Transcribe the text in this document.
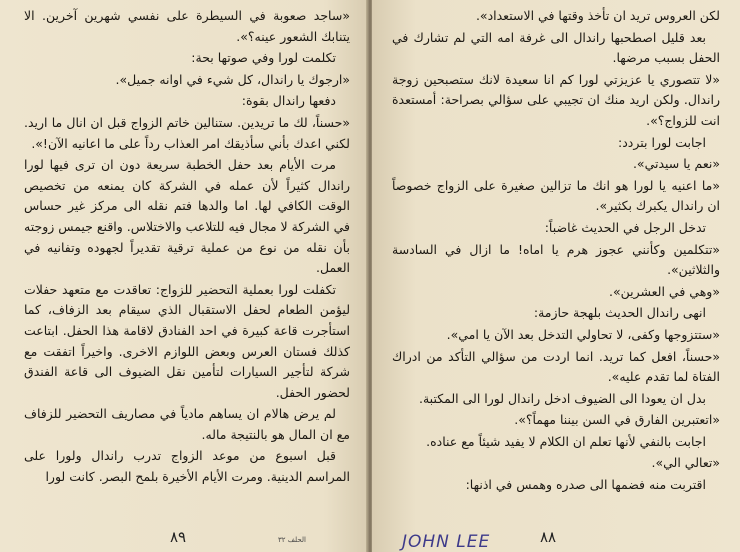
«ساجد صعوبة في السيطرة على نفسي شهرين آخرين. الا يتنابك الشعور عينه؟».

تكلمت لورا وفي صوتها بحة:

«ارجوك يا راندال، كل شيء في اوانه جميل».

دفعها راندال بقوة:

«حسناً، لك ما تريدين. ستنالين خاتم الزواج قبل ان انال ما اريد. لكني اعدك بأني سأذيقك امر العذاب رداً على ما اعانيه الآن!».

مرت الأيام بعد حفل الخطبة سريعة دون ان ترى فيها لورا راندال كثيراً لأن عمله في الشركة كان يمنعه من تخصيص الوقت الكافي لها. اما والدها فتم نقله الى مركز غير حساس في الشركة لا مجال فيه للتلاعب والاختلاس. واقنع جيمس زوجته بأن نقله من نوع من عملية ترقية تقديراً لجهوده وتفانيه في العمل.

تكفلت لورا بعملية التحضير للزواج: تعاقدت مع متعهد حفلات ليؤمن الطعام لحفل الاستقبال الذي سيقام بعد الزفاف، كما استأجرت قاعة كبيرة في احد الفنادق لاقامة هذا الحفل. ابتاعت كذلك فستان العرس وبعض اللوازم الاخرى. واخيراً اتفقت مع شركة لتأجير السيارات لتأمين نقل الضيوف الى قاعة الفندق لحضور الحفل.

لم يرض هالام ان يساهم مادياً في مصاريف التحضير للزفاف مع ان المال هو بالنتيجة ماله.

قبل اسبوع من موعد الزواج تدرب راندال ولورا على المراسم الدينية. ومرت الأيام الأخيرة بلمح البصر. كانت لورا

الحلف ٣٢
٨٩

لكن العروس تريد ان تأخذ وقتها في الاستعداد».

بعد قليل اصطحبها راندال الى غرفة امه التي لم تشارك في الحفل بسبب مرضها.

«لا تتصوري يا عزيزتي لورا كم انا سعيدة لانك ستصبحين زوجة راندال. ولكن اريد منك ان تجيبي على سؤالي بصراحة: أمستعدة انت للزواج؟».

اجابت لورا بتردد:

«نعم يا سيدتي».

«ما اعنيه يا لورا هو انك ما تزالين صغيرة على الزواج خصوصاً ان راندال يكبرك بكثير».

تدخل الرجل في الحديث غاضباً:

«تتكلمين وكأنني عجوز هرم يا اماه! ما ازال في السادسة والثلاثين».

«وهي في العشرين».

انهى راندال الحديث بلهجة حازمة:

«ستتزوجها وكفى، لا تحاولي التدخل بعد الآن يا امي».

«حسناً، افعل كما تريد. انما اردت من سؤالي التأكد من ادراك الفتاة لما تقدم عليه».

بدل ان يعودا الى الضيوف ادخل راندال لورا الى المكتبة.

«اتعتبرين الفارق في السن بيننا مهماً؟».

اجابت بالنفي لأنها تعلم ان الكلام لا يفيد شيئاً مع عناده.

«تعالي الي».

اقتربت منه فضمها الى صدره وهمس في اذنها:

٨٨
JOHN LEE
